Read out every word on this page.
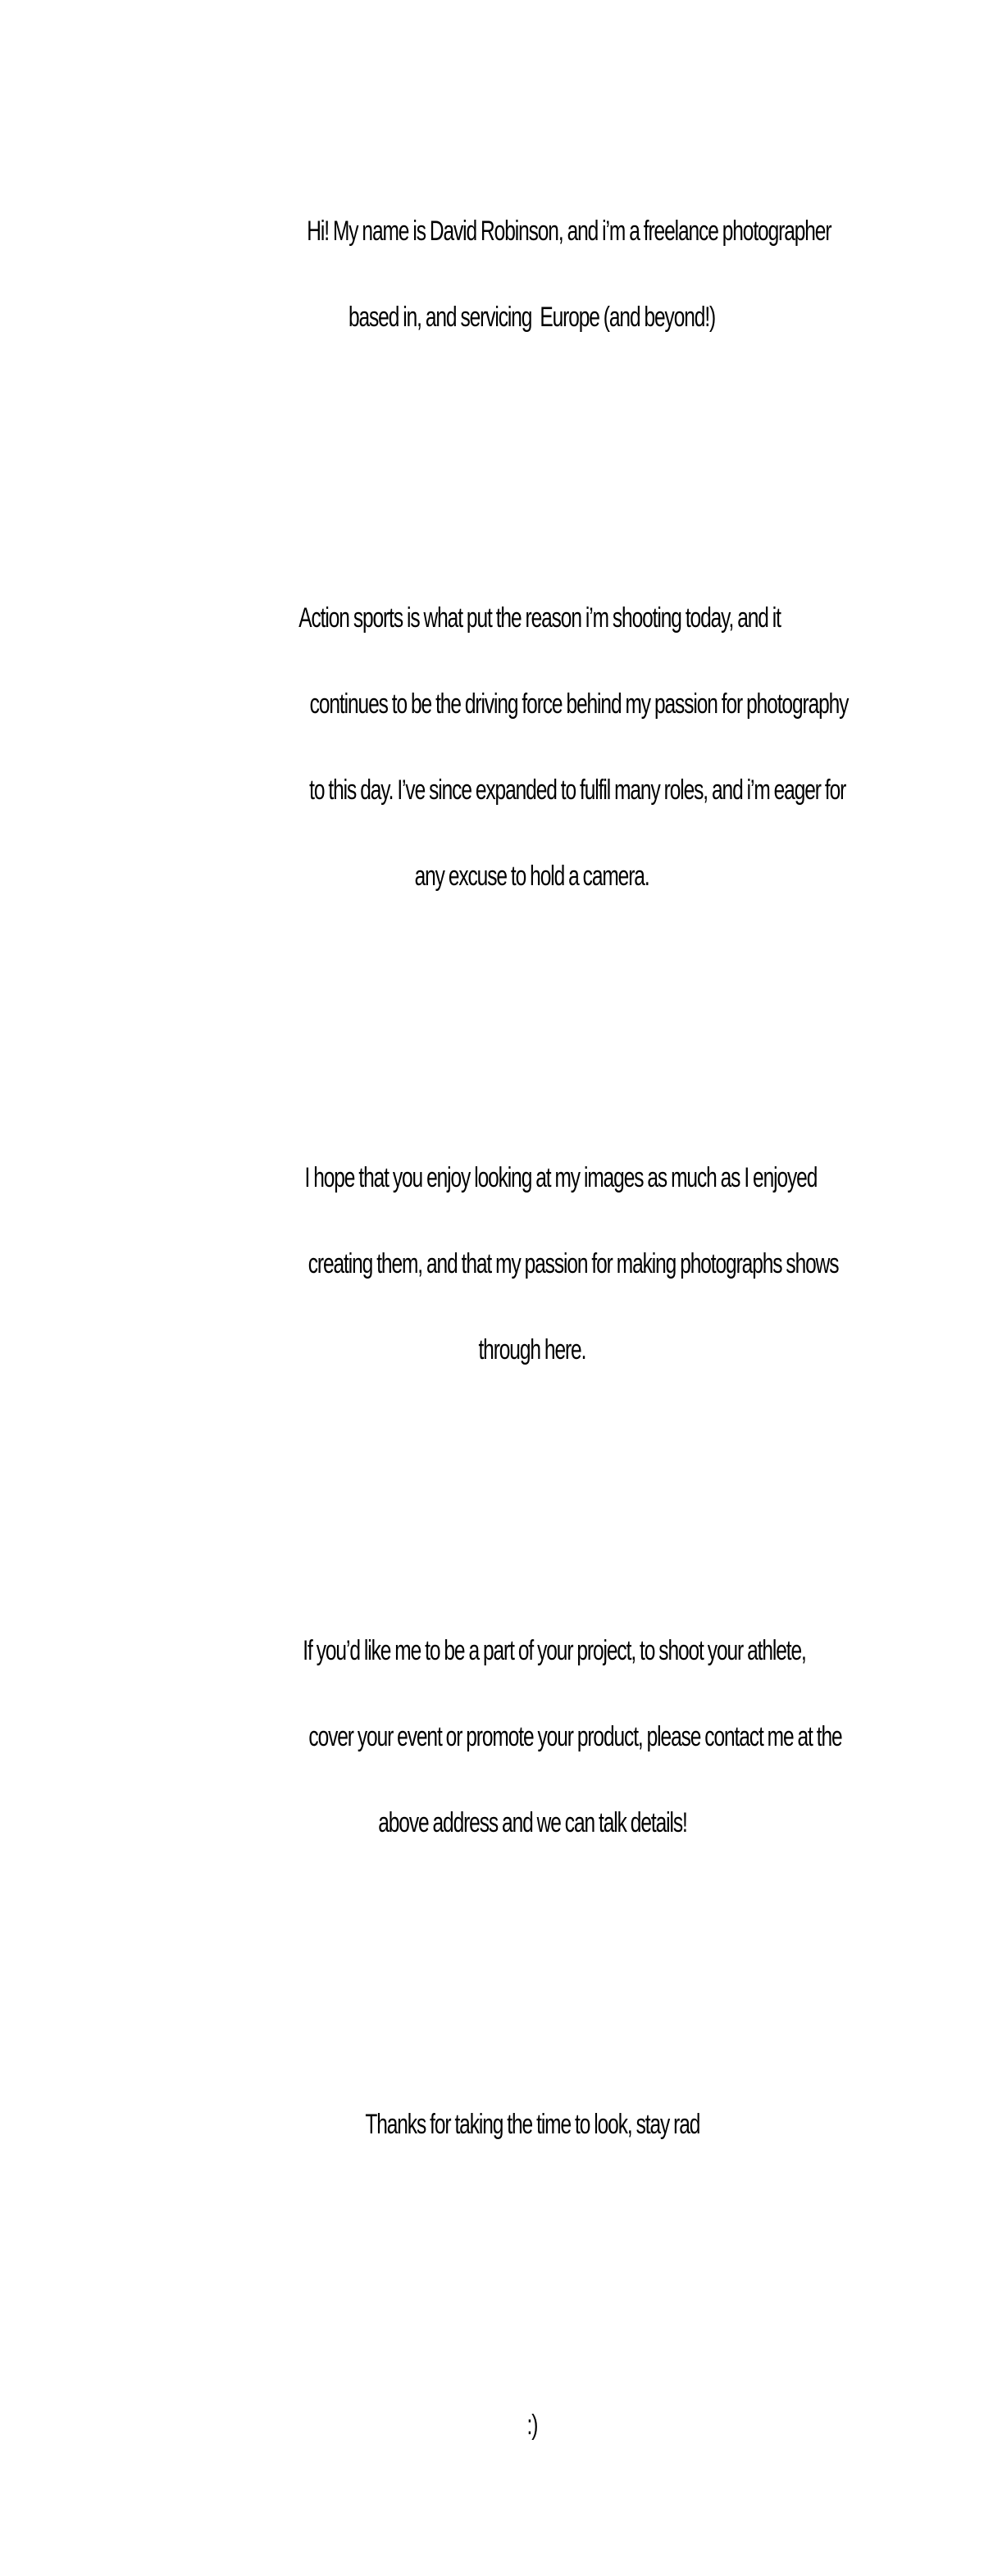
Hi! My name is David Robinson, and i’m a freelance photographer

based in, and servicing  Europe (and beyond!)

Action sports is what put the reason i’m shooting today, and it

continues to be the driving force behind my passion for photography

to this day. I’ve since expanded to fulfil many roles, and i’m eager for

any excuse to hold a camera.

I hope that you enjoy looking at my images as much as I enjoyed

creating them, and that my passion for making photographs shows

through here.

If you’d like me to be a part of your project, to shoot your athlete,

cover your event or promote your product, please contact me at the

above address and we can talk details!

Thanks for taking the time to look, stay rad

:)
